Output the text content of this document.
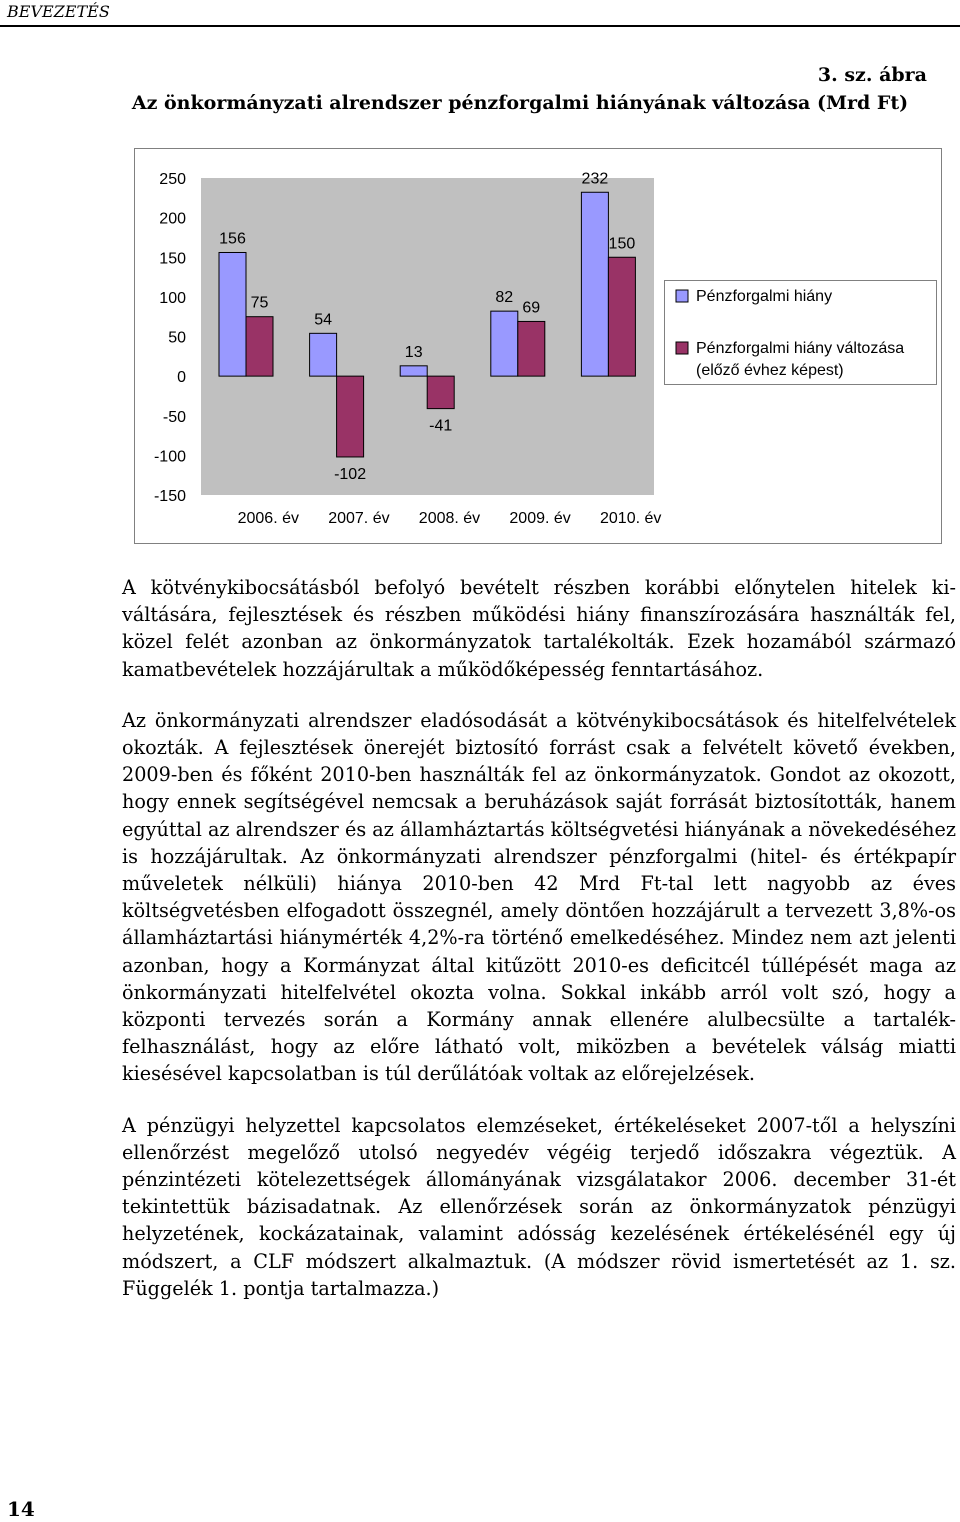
BEVEZETÉS
3. sz. ábra
Az önkormányzati alrendszer pénzforgalmi hiányának változása (Mrd Ft)
250
200
150
100
50
0
-50
-100
-150
156
54
13
82
232
75
-102
-41
69
150
2006. év 2007. év 2008. év 2009. év 2010. év
Pénzforgalmi hiány
Pénzforgalmi hiány változása
(előző évhez képest)

A kötvénykibocsátásból befolyó bevételt részben korábbi előnytelen hitelek kiváltására, fejlesztések és részben működési hiány finanszírozására használták fel, közel felét azonban az önkormányzatok tartalékolták. Ezek hozamából származó kamatbevételek hozzájárultak a működőképesség fenntartásához.

Az önkormányzati alrendszer eladósodását a kötvénykibocsátások és hitelfelvételek okozták. A fejlesztések önerejét biztosító forrást csak a felvételt követő években, 2009-ben és főként 2010-ben használták fel az önkormányzatok. Gondot az okozott, hogy ennek segítségével nemcsak a beruházások saját forrását biztosították, hanem egyúttal az alrendszer és az államháztartás költségvetési hiányának a növekedéséhez is hozzájárultak. Az önkormányzati alrendszer pénzforgalmi (hitel- és értékpapír műveletek nélküli) hiánya 2010-ben 42 Mrd Ft-tal lett nagyobb az éves költségvetésben elfogadott összegnél, amely döntően hozzájárult a tervezett 3,8%-os államháztartási hiánymérték 4,2%-ra történő emelkedéséhez. Mindez nem azt jelenti azonban, hogy a Kormányzat által kitűzött 2010-es deficitcél túllépését maga az önkormányzati hitelfelvétel okozta volna. Sokkal inkább arról volt szó, hogy a központi tervezés során a Kormány annak ellenére alulbecsülte a tartalék-felhasználást, hogy az előre látható volt, miközben a bevételek válság miatti kiesésével kapcsolatban is túl derűlátóak voltak az előrejelzések.

A pénzügyi helyzettel kapcsolatos elemzéseket, értékeléseket 2007-től a helyszíni ellenőrzést megelőző utolsó negyedév végéig terjedő időszakra végeztük. A pénzintézeti kötelezettségek állományának vizsgálatakor 2006. december 31-ét tekintettük bázisadatnak. Az ellenőrzések során az önkormányzatok pénzügyi helyzetének, kockázatainak, valamint adósság kezelésének értékelésénél egy új módszert, a CLF módszert alkalmaztuk. (A módszer rövid ismertetését az 1. sz. Függelék 1. pontja tartalmazza.)

14
